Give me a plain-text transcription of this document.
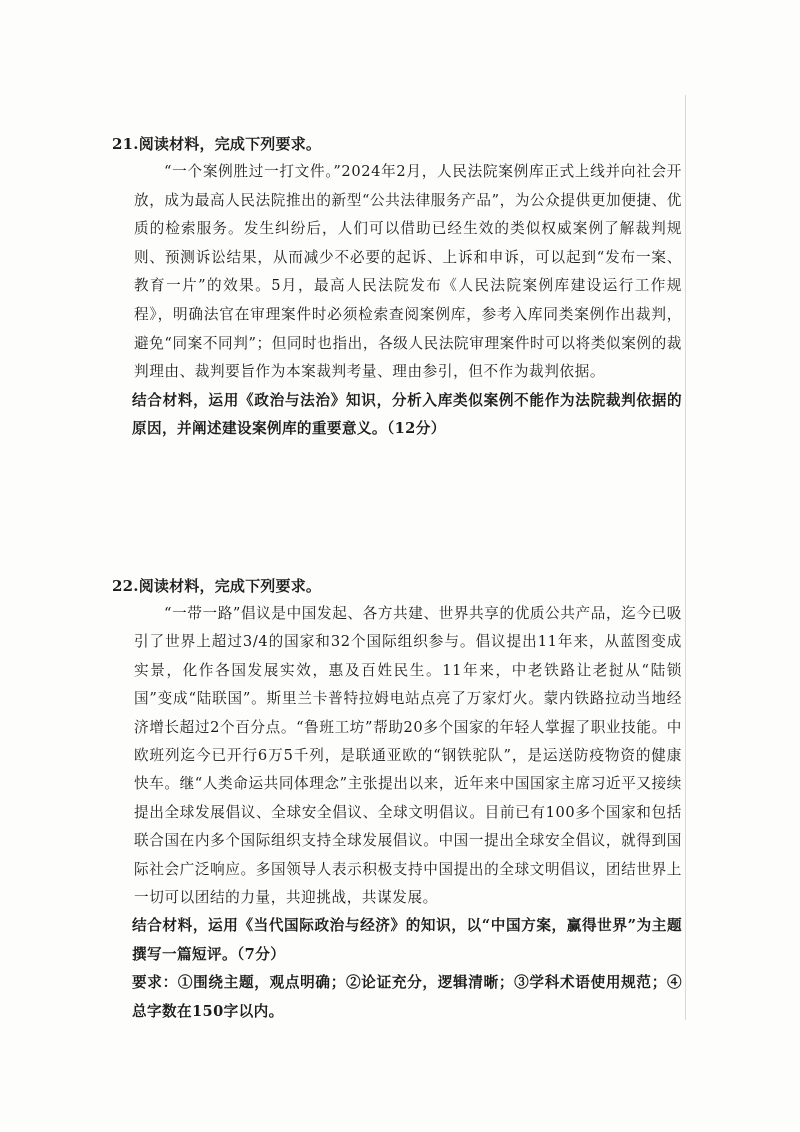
21.阅读材料，完成下列要求。

“一个案例胜过一打文件。”2024年2月，人民法院案例库正式上线并向社会开放，成为最高人民法院推出的新型“公共法律服务产品”，为公众提供更加便捷、优质的检索服务。发生纠纷后，人们可以借助已经生效的类似权威案例了解裁判规则、预测诉讼结果，从而减少不必要的起诉、上诉和申诉，可以起到“发布一案、教育一片”的效果。5月，最高人民法院发布《人民法院案例库建设运行工作规程》，明确法官在审理案件时必须检索查阅案例库，参考入库同类案例作出裁判，避免“同案不同判”；但同时也指出，各级人民法院审理案件时可以将类似案例的裁判理由、裁判要旨作为本案裁判考量、理由参引，但不作为裁判依据。

结合材料，运用《政治与法治》知识，分析入库类似案例不能作为法院裁判依据的原因，并阐述建设案例库的重要意义。（12分）

22.阅读材料，完成下列要求。

“一带一路”倡议是中国发起、各方共建、世界共享的优质公共产品，迄今已吸引了世界上超过3/4的国家和32个国际组织参与。倡议提出11年来，从蓝图变成实景，化作各国发展实效，惠及百姓民生。11年来，中老铁路让老挝从“陆锁国”变成“陆联国”。斯里兰卡普特拉姆电站点亮了万家灯火。蒙内铁路拉动当地经济增长超过2个百分点。“鲁班工坊”帮助20多个国家的年轻人掌握了职业技能。中欧班列迄今已开行6万5千列，是联通亚欧的“钢铁驼队”，是运送防疫物资的健康快车。继“人类命运共同体理念”主张提出以来，近年来中国国家主席习近平又接续提出全球发展倡议、全球安全倡议、全球文明倡议。目前已有100多个国家和包括联合国在内多个国际组织支持全球发展倡议。中国一提出全球安全倡议，就得到国际社会广泛响应。多国领导人表示积极支持中国提出的全球文明倡议，团结世界上一切可以团结的力量，共迎挑战，共谋发展。

结合材料，运用《当代国际政治与经济》的知识，以“中国方案，赢得世界”为主题撰写一篇短评。（7分）

要求：①围绕主题，观点明确；②论证充分，逻辑清晰；③学科术语使用规范；④总字数在150字以内。
